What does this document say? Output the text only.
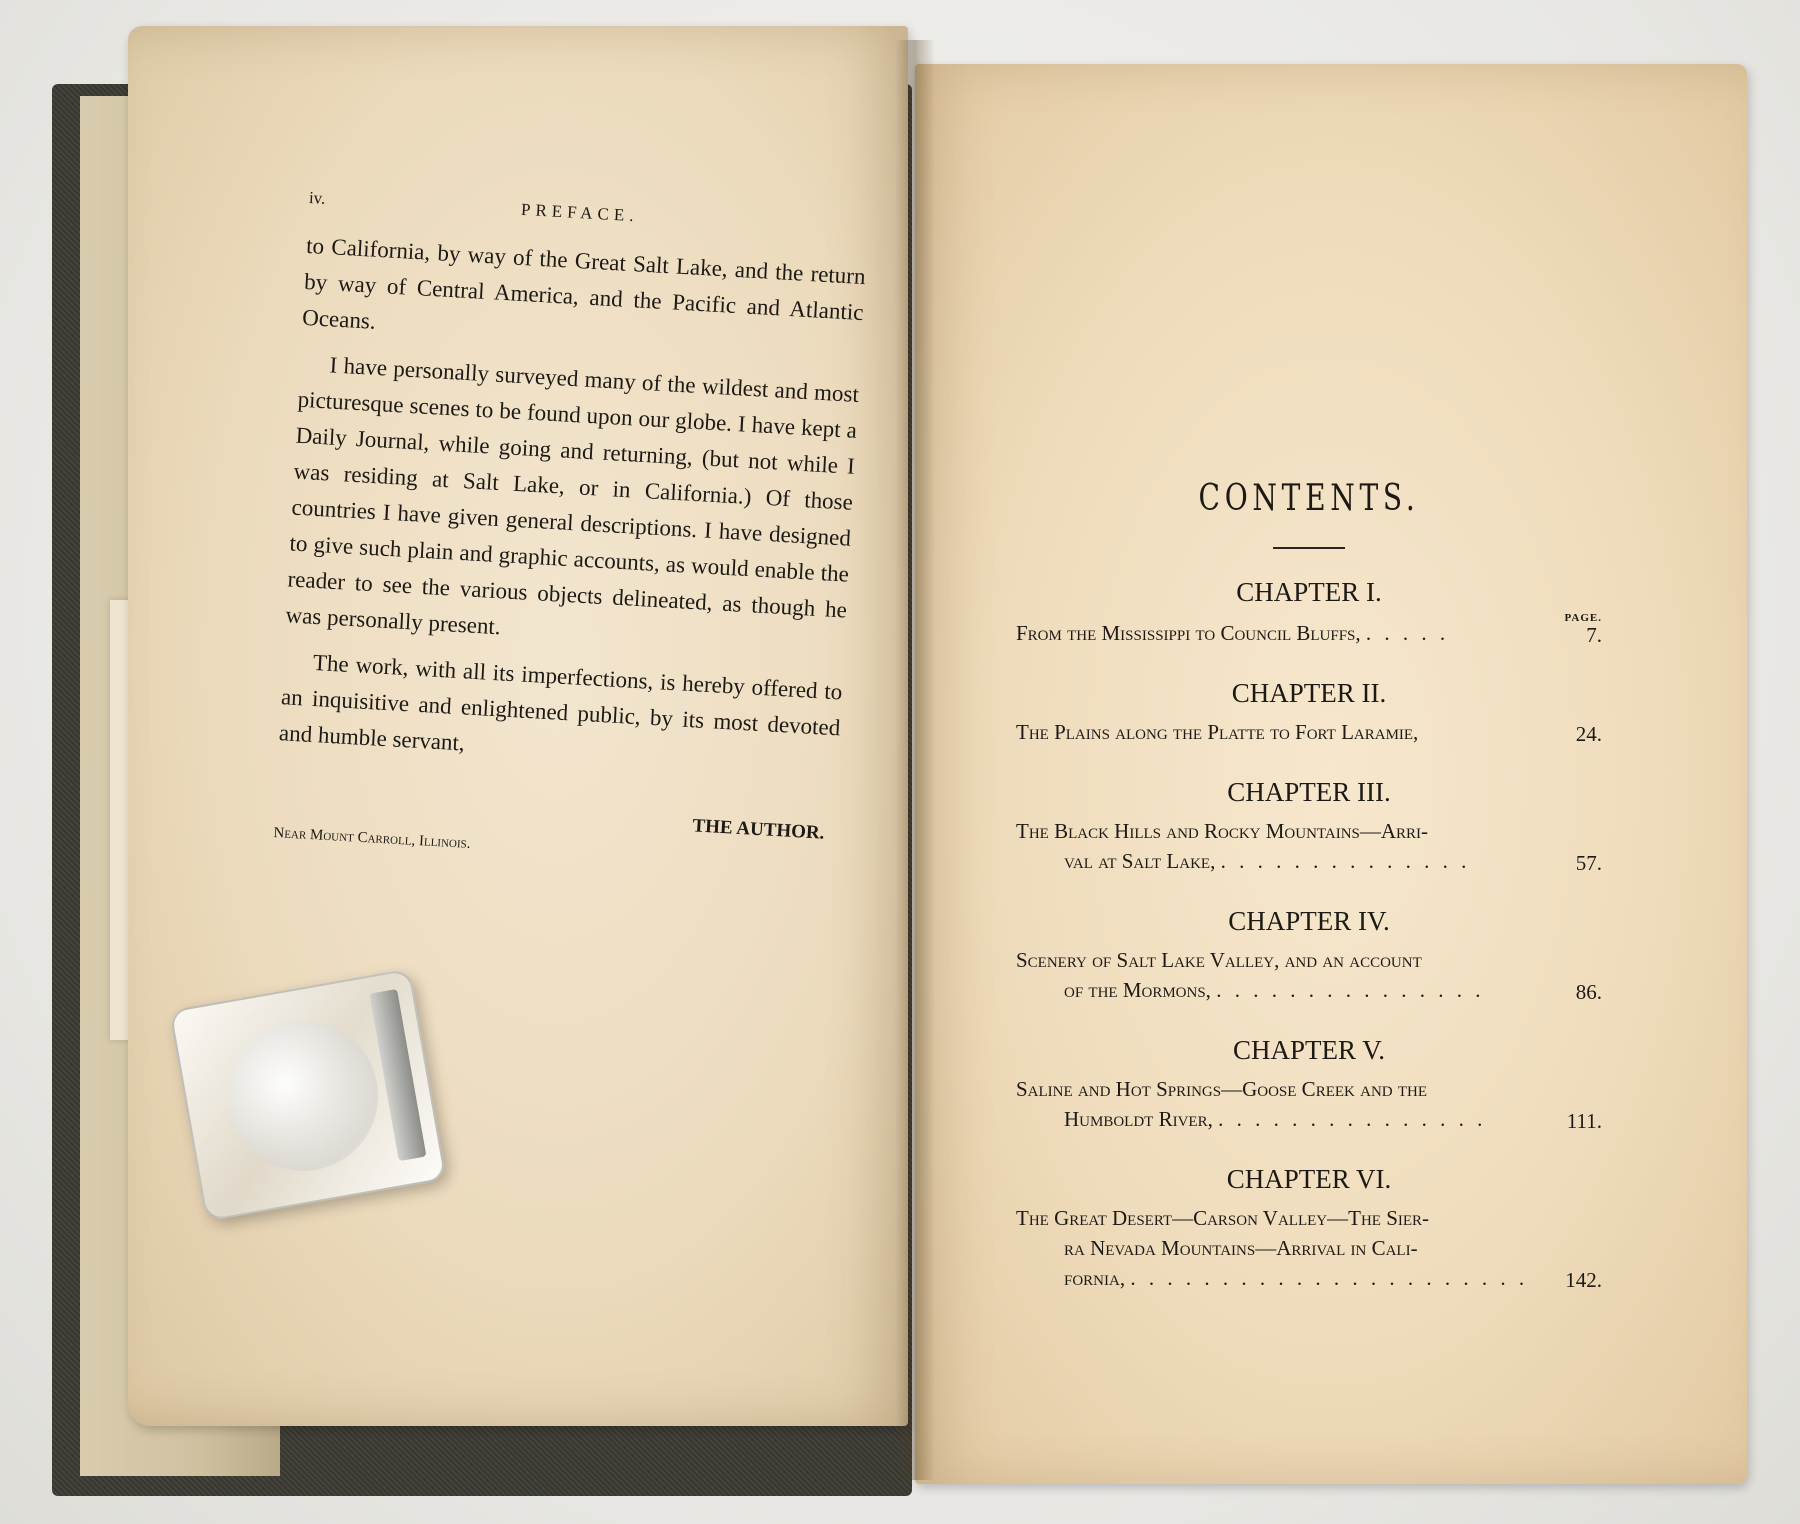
iv.
PREFACE.

to California, by way of the Great Salt Lake, and the return by way of Central America, and the Pacific and Atlantic Oceans.

I have personally surveyed many of the wildest and most picturesque scenes to be found upon our globe. I have kept a Daily Journal, while going and returning, (but not while I was residing at Salt Lake, or in California.) Of those countries I have given general descriptions. I have designed to give such plain and graphic accounts, as would enable the reader to see the various objects delineated, as though he was personally present.

The work, with all its imperfections, is hereby offered to an inquisitive and enlightened public, by its most devoted and humble servant,

THE AUTHOR.
Near Mount Carroll, Illinois.
CONTENTS.
CHAPTER I.
PAGE.
From the Mississippi to Council Bluffs, . . . . .	7.
CHAPTER II.
The Plains along the Platte to Fort Laramie,	24.
CHAPTER III.
The Black Hills and Rocky Mountains—Arri-
val at Salt Lake, . . . . . . . . . . . . . .	57.
CHAPTER IV.
Scenery of Salt Lake Valley, and an account
of the Mormons, . . . . . . . . . . . . . . .	86.
CHAPTER V.
Saline and Hot Springs—Goose Creek and the
Humboldt River, . . . . . . . . . . . . . . .	111.
CHAPTER VI.
The Great Desert—Carson Valley—The Sier-
ra Nevada Mountains—Arrival in Cali-
fornia, . . . . . . . . . . . . . . . . . . . . . .	142.
